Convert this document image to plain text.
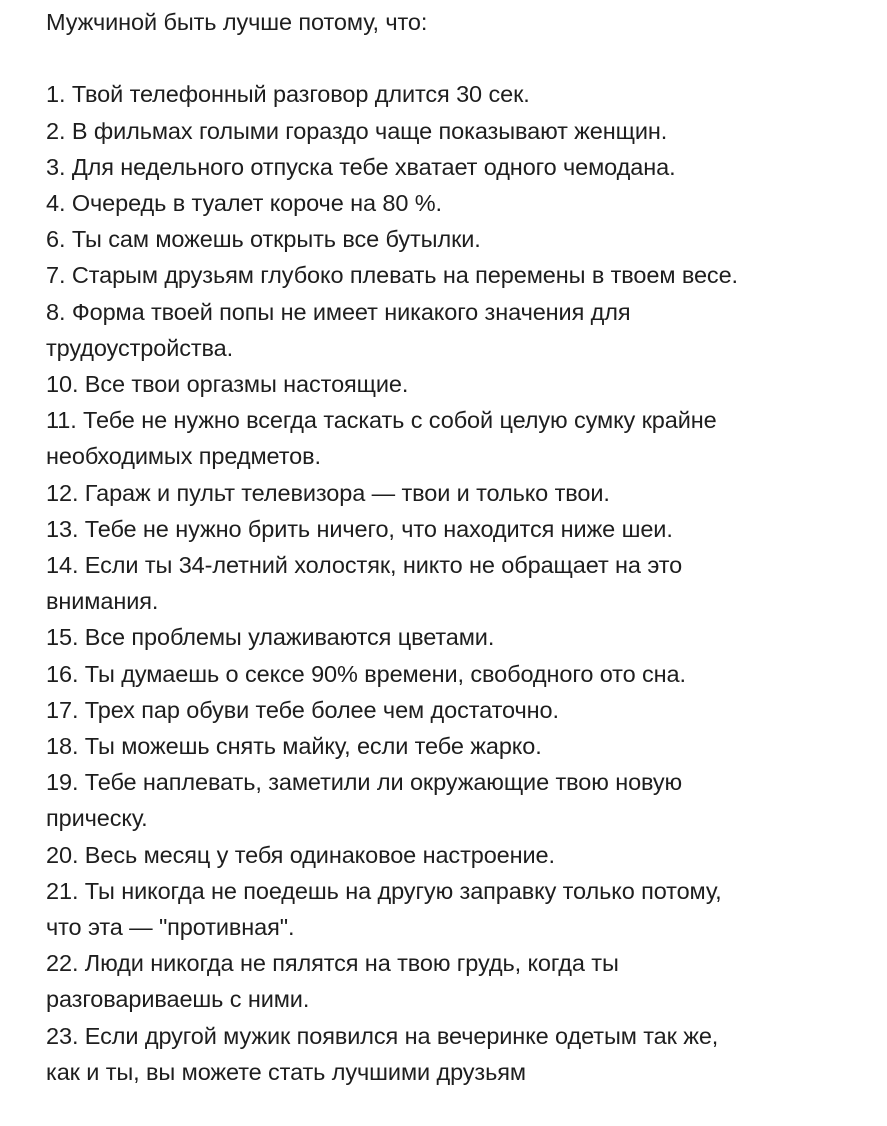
Мужчиной быть лучше потому, что:

1. Твой телефонный разговор длится 30 сек.

2. В фильмах голыми гораздо чаще показывают женщин.

3. Для недельного отпуска тебе хватает одного чемодана.

4. Очередь в туалет короче на 80 %.

6. Ты сам можешь открыть все бутылки.

7. Старым друзьям глубоко плевать на перемены в твоем весе.

8. Форма твоей попы не имеет никакого значения для

трудоустройства.

10. Все твои оргазмы настоящие.

11. Тебе не нужно всегда таскать с собой целую сумку крайне

необходимых предметов.

12. Гараж и пульт телевизора — твои и только твои.

13. Тебе не нужно брить ничего, что находится ниже шеи.

14. Если ты 34-летний холостяк, никто не обращает на это

внимания.

15. Все проблемы улаживаются цветами.

16. Ты думаешь о сексе 90% времени, свободного ото сна.

17. Трех пар обуви тебе более чем достаточно.

18. Ты можешь снять майку, если тебе жарко.

19. Тебе наплевать, заметили ли окружающие твою новую

прическу.

20. Весь месяц у тебя одинаковое настроение.

21. Ты никогда не поедешь на другую заправку только потому,

что эта — "противная".

22. Люди никогда не пялятся на твою грудь, когда ты

разговариваешь с ними.

23. Если другой мужик появился на вечеринке одетым так же,

как и ты, вы можете стать лучшими друзьям
